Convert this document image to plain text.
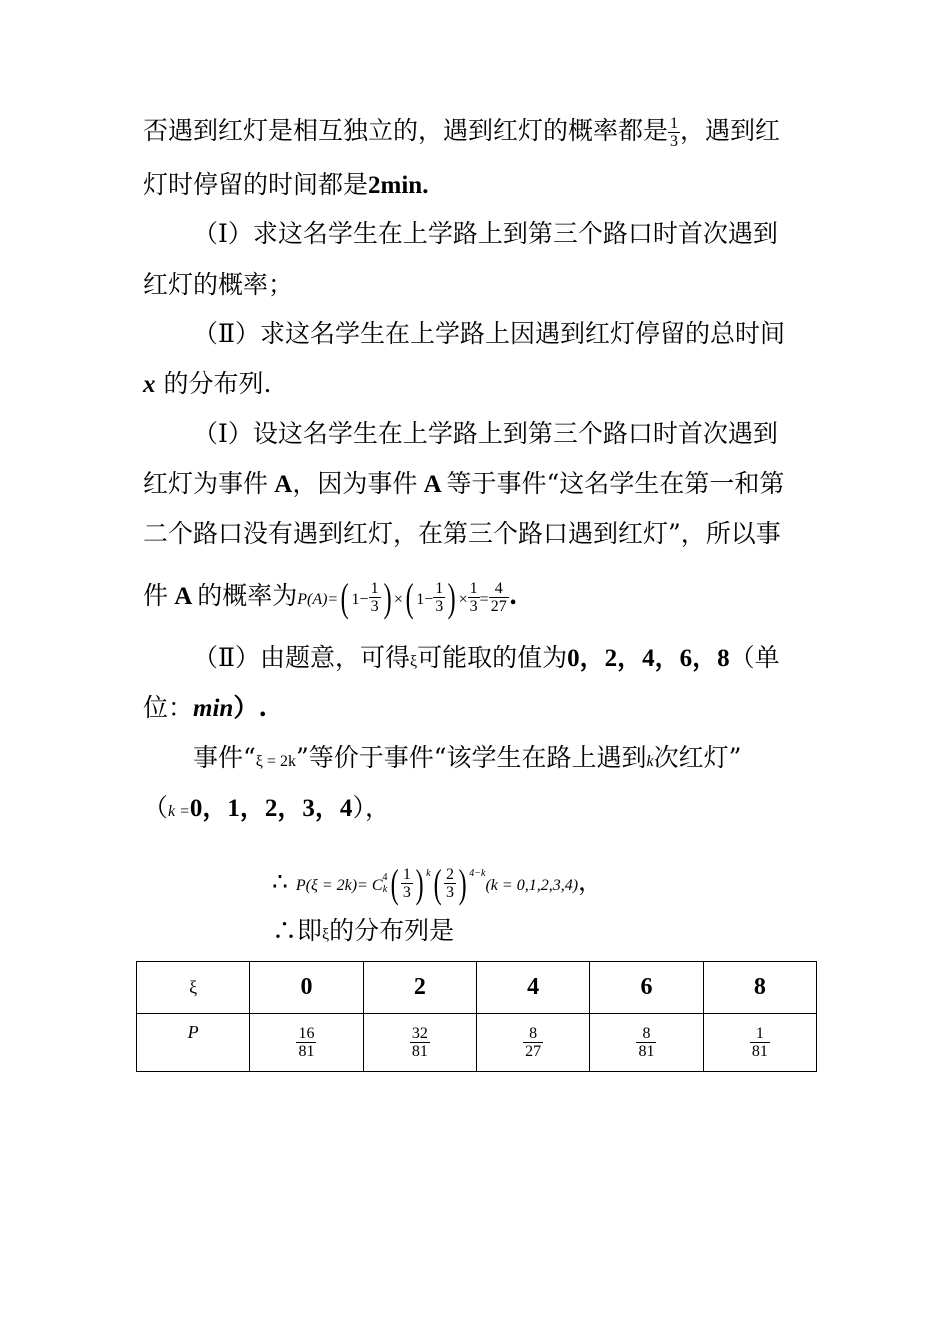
否遇到红灯是相互独立的，遇到红灯的概率都是 $\frac{1}{3}$ ，遇到红
灯时停留的时间都是2min.
（Ⅰ）求这名学生在上学路上到第三个路口时首次遇到
红灯的概率；
（Ⅱ）求这名学生在上学路上因遇到红灯停留的总时间
x 的分布列.
（Ⅰ）设这名学生在上学路上到第三个路口时首次遇到
红灯为事件 A，因为事件 A 等于事件“这名学生在第一和第
二个路口没有遇到红灯，在第三个路口遇到红灯”，所以事
件 A 的概率为P(A)=( $1- \frac{1}{3}$ ) ×( $1- \frac{1}{3}$ ) × $\frac{1}{3} = \frac{4}{27}$ .
（Ⅱ）由题意，可得ξ可能取的值为0，2，4，6，8（单
位：min）.
事件“ξ = 2k”等价于事件“该学生在路上遇到k次红灯”
（k =0，1，2，3，4），
∴ P(ξ = 2k)= C 4
k ( $\frac{1}{3}$ ) $^k( \frac{2}{3}$ ) $^{4-k}$(k = 0,1,2,3,4)，
∴即ξ的分布列是
ξ	0	2	4	6	8
P	$\frac{16}{81}$	$\frac{32}{81}$	$\frac{8}{27}$	$\frac{8}{81}$	$\frac{1}{81}$
